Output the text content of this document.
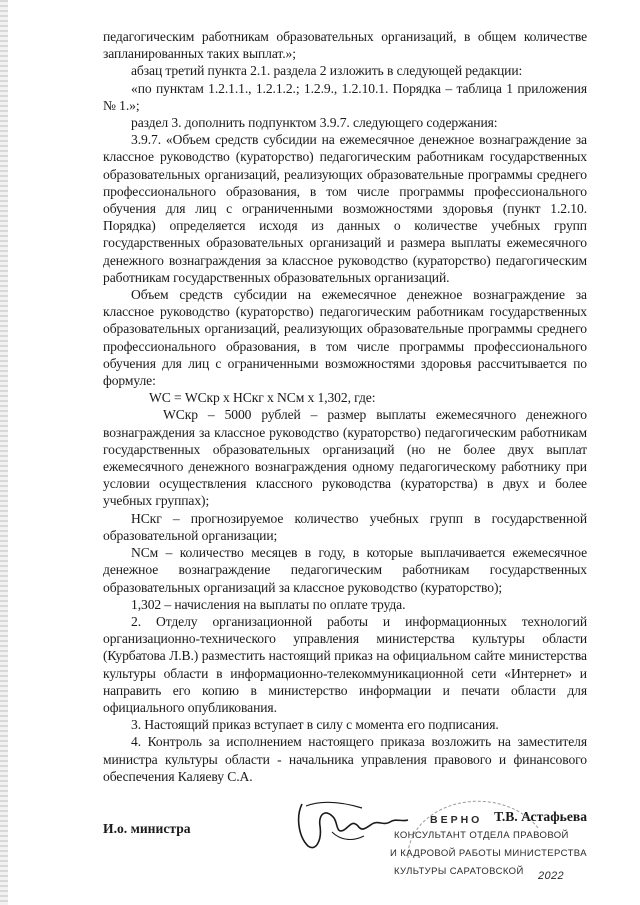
педагогическим работникам образовательных организаций, в общем количестве запланированных таких выплат.»;

абзац третий пункта 2.1. раздела 2 изложить в следующей редакции:

«по пунктам 1.2.1.1., 1.2.1.2.; 1.2.9., 1.2.10.1. Порядка – таблица 1 приложения № 1.»;

раздел 3. дополнить подпунктом 3.9.7. следующего содержания:

3.9.7. «Объем средств субсидии на ежемесячное денежное вознаграждение за классное руководство (кураторство) педагогическим работникам государственных образовательных организаций, реализующих образовательные программы среднего профессионального образования, в том числе программы профессионального обучения для лиц с ограниченными возможностями здоровья (пункт 1.2.10. Порядка) определяется исходя из данных о количестве учебных групп государственных образовательных организаций и размера выплаты ежемесячного денежного вознаграждения за классное руководство (кураторство) педагогическим работникам государственных образовательных организаций.

Объем средств субсидии на ежемесячное денежное вознаграждение за классное руководство (кураторство) педагогическим работникам государственных образовательных организаций, реализующих образовательные программы среднего профессионального образования, в том числе программы профессионального обучения для лиц с ограниченными возможностями здоровья рассчитывается по формуле:

WС = WСкр х НСкг х NСм х 1,302, где:

WСкр – 5000 рублей – размер выплаты ежемесячного денежного вознаграждения за классное руководство (кураторство) педагогическим работникам государственных образовательных организаций (но не более двух выплат ежемесячного денежного вознаграждения одному педагогическому работнику при условии осуществления классного руководства (кураторства) в двух и более учебных группах);

НСкг – прогнозируемое количество учебных групп в государственной образовательной организации;

NСм – количество месяцев в году, в которые выплачивается ежемесячное денежное вознаграждение педагогическим работникам государственных образовательных организаций за классное руководство (кураторство);

1,302 – начисления на выплаты по оплате труда.

2. Отделу организационной работы и информационных технологий организационно-технического управления министерства культуры области (Курбатова Л.В.) разместить настоящий приказ на официальном сайте министерства культуры области в информационно-телекоммуникационной сети «Интернет» и направить его копию в министерство информации и печати области для официального опубликования.

3. Настоящий приказ вступает в силу с момента его подписания.

4. Контроль за исполнением настоящего приказа возложить на заместителя министра культуры области - начальника управления правового и финансового обеспечения Каляеву С.А.

И.о. министра
Т.В. Астафьева
ВЕРНО
КОНСУЛЬТАНТ ОТДЕЛА ПРАВОВОЙ
И КАДРОВОЙ РАБОТЫ МИНИСТЕРСТВА
КУЛЬТУРЫ САРАТОВСКОЙ 2022
